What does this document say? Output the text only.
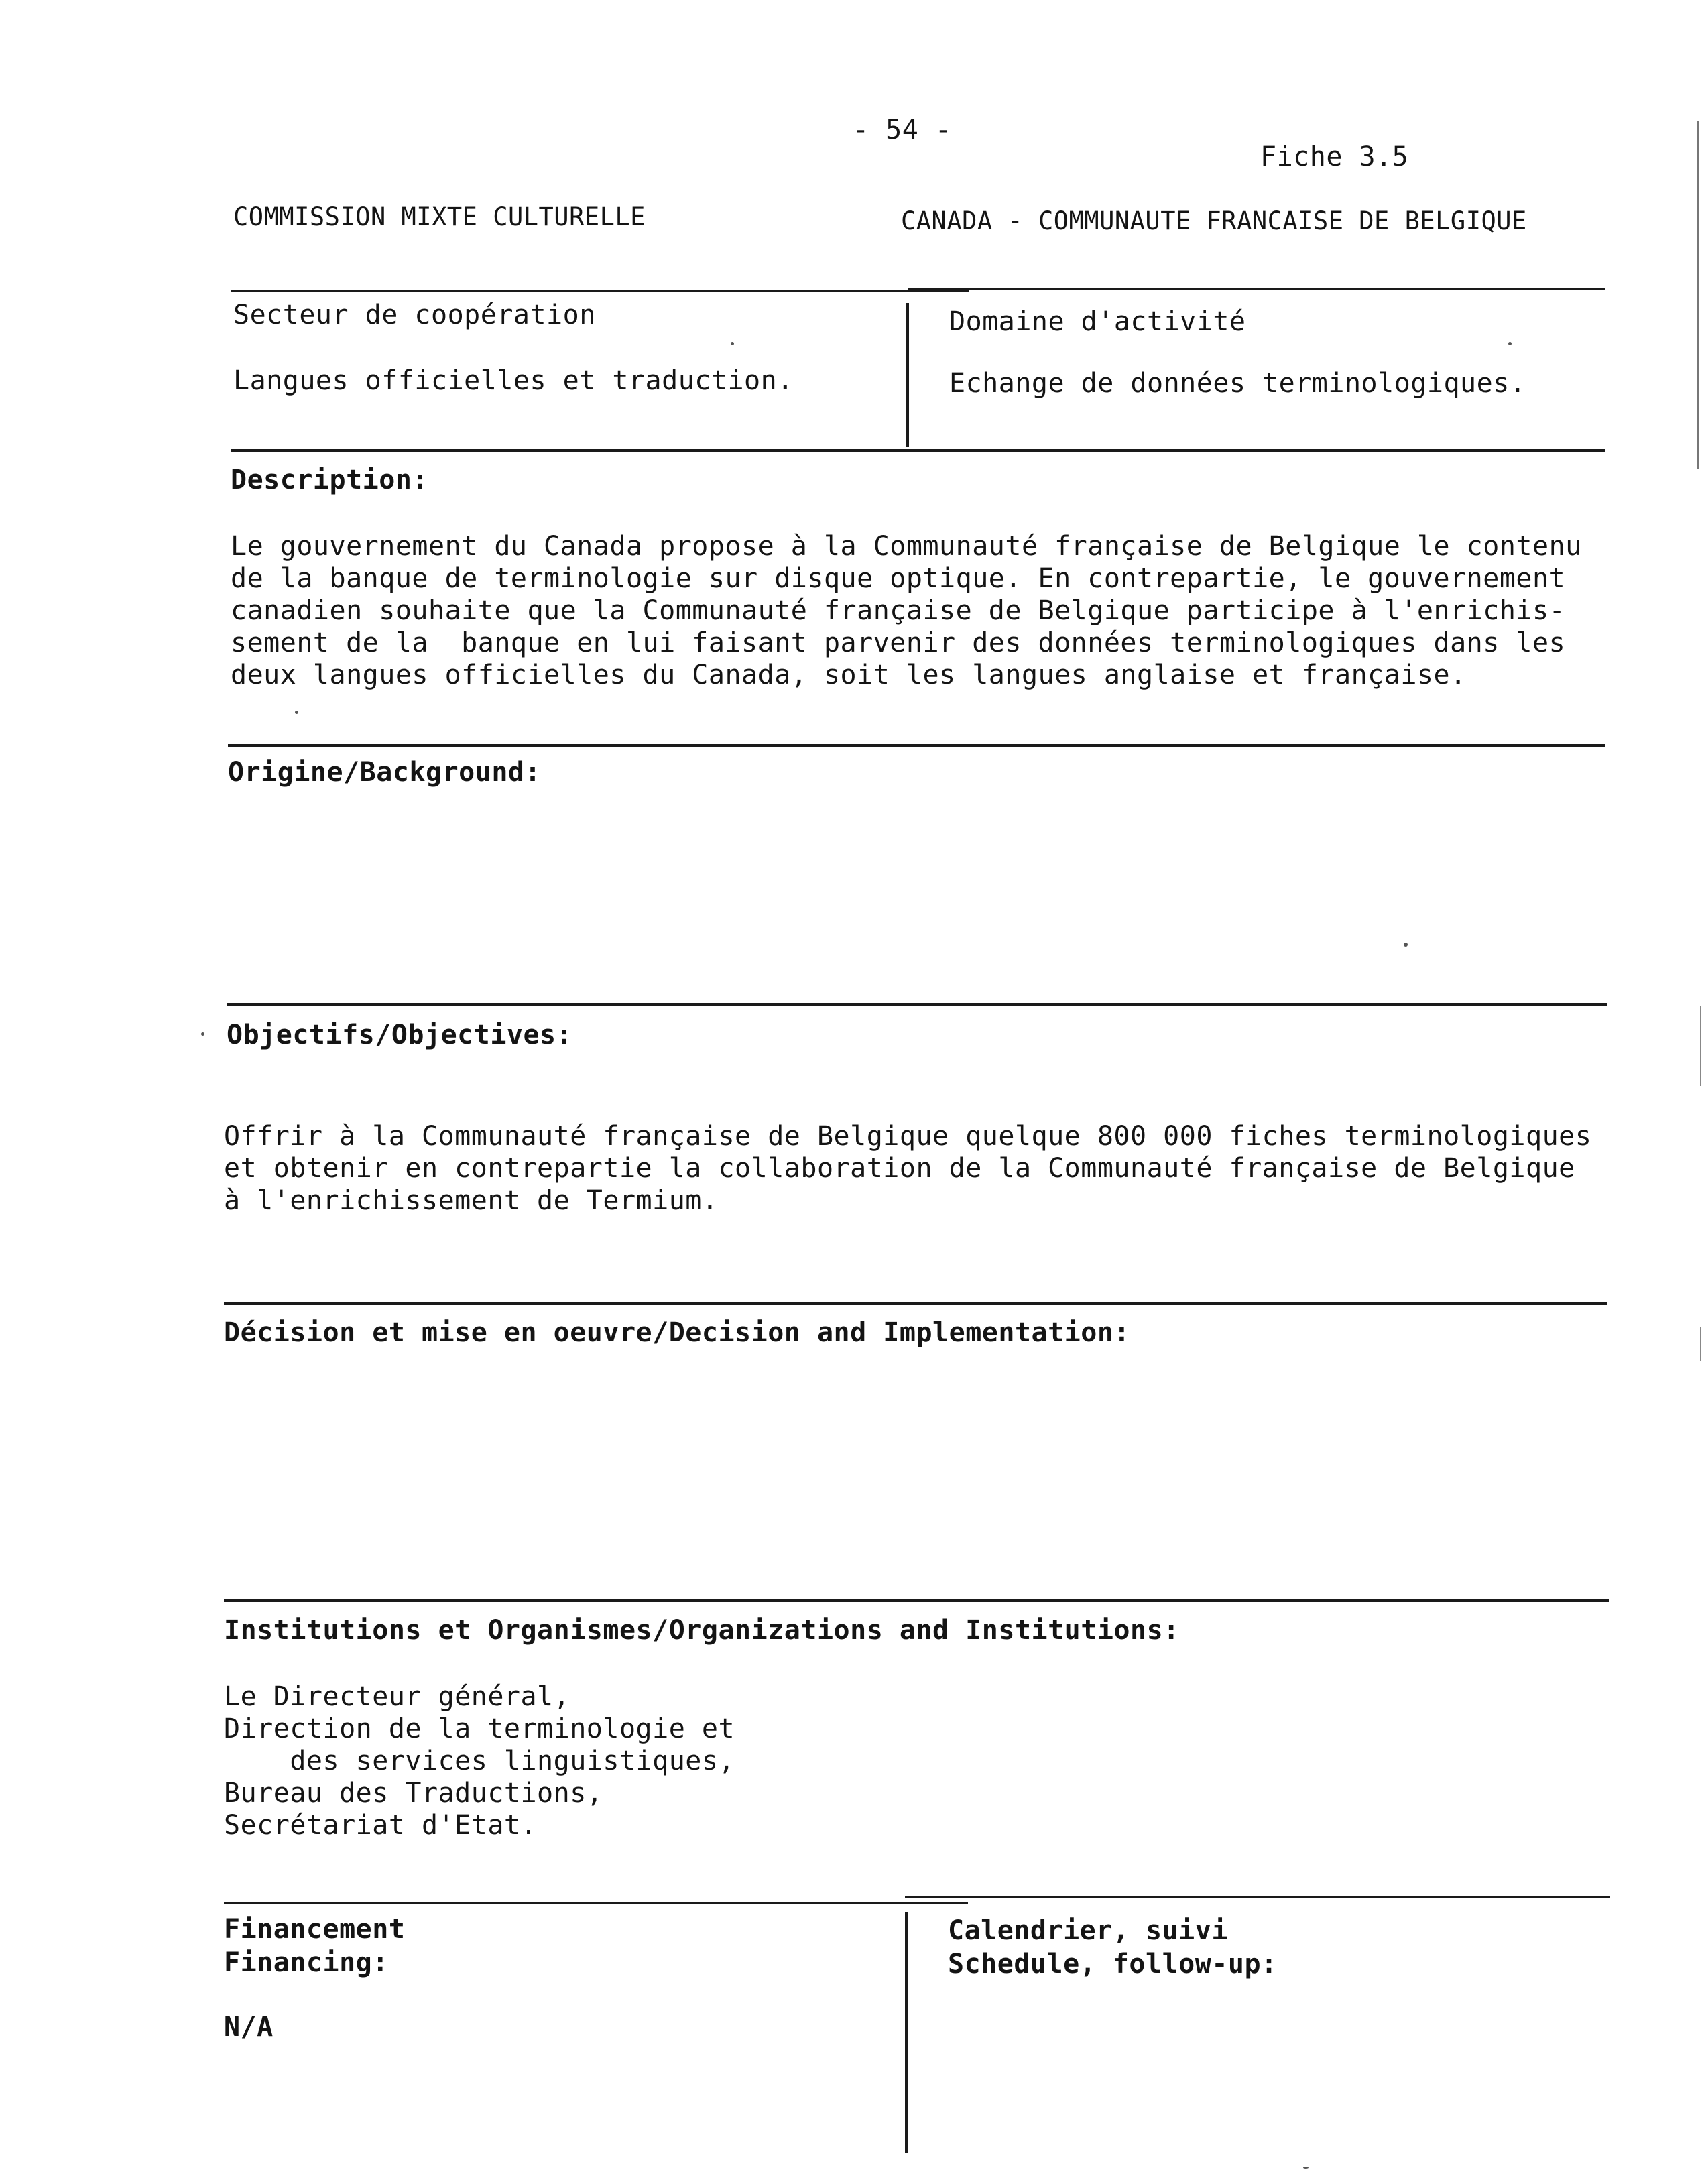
- 54 -
Fiche 3.5
COMMISSION MIXTE CULTURELLE	CANADA - COMMUNAUTE FRANCAISE DE BELGIQUE
Secteur de coopération
Langues officielles et traduction.
Domaine d'activité
Echange de données terminologiques.
Description:
Le gouvernement du Canada propose à la Communauté française de Belgique le contenu
de la banque de terminologie sur disque optique. En contrepartie, le gouvernement
canadien souhaite que la Communauté française de Belgique participe à l'enrichis-
sement de la  banque en lui faisant parvenir des données terminologiques dans les
deux langues officielles du Canada, soit les langues anglaise et française.
Origine/Background:
Objectifs/Objectives:
Offrir à la Communauté française de Belgique quelque 800 000 fiches terminologiques
et obtenir en contrepartie la collaboration de la Communauté française de Belgique
à l'enrichissement de Termium.
Décision et mise en oeuvre/Decision and Implementation:
Institutions et Organismes/Organizations and Institutions:
Le Directeur général,
Direction de la terminologie et
des services linguistiques,
Bureau des Traductions,
Secrétariat d'Etat.
Financement
Financing:
N/A
Calendrier, suivi
Schedule, follow-up:
